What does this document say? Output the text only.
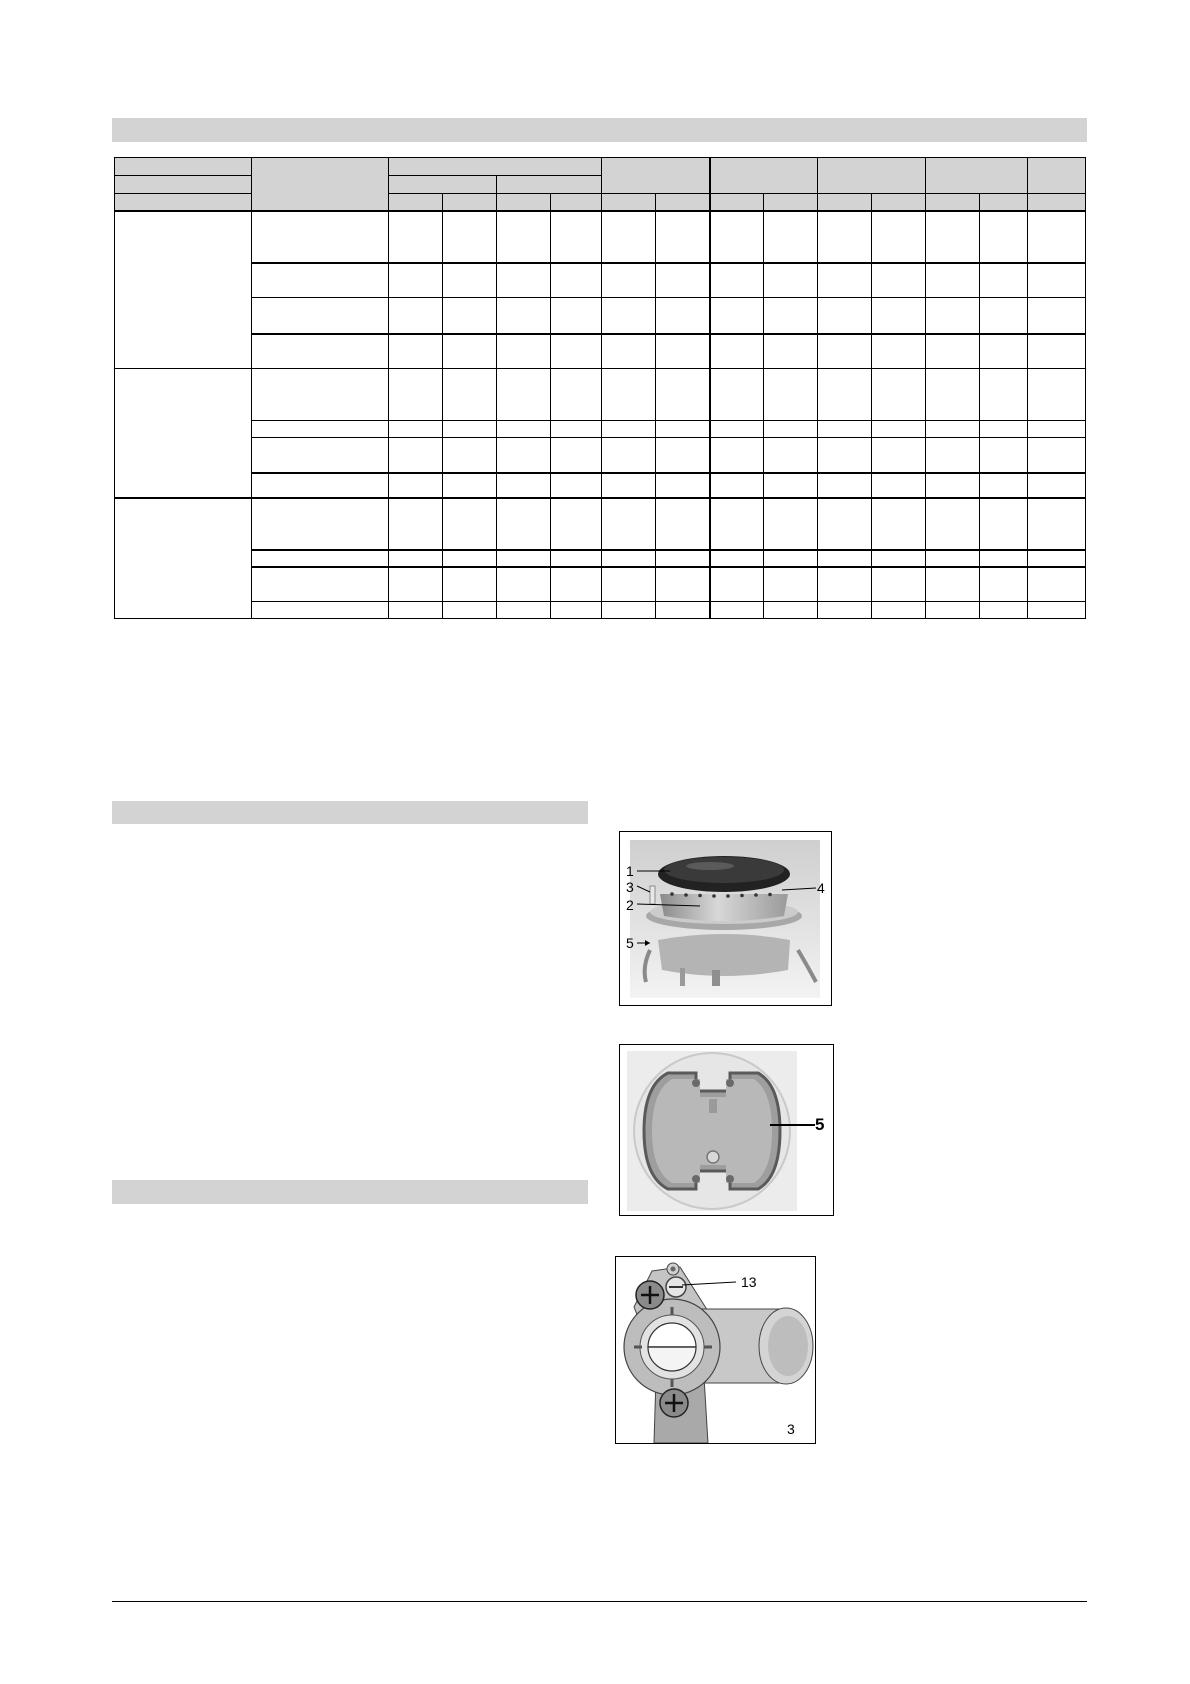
1
3
2
5
4
5
13
3
